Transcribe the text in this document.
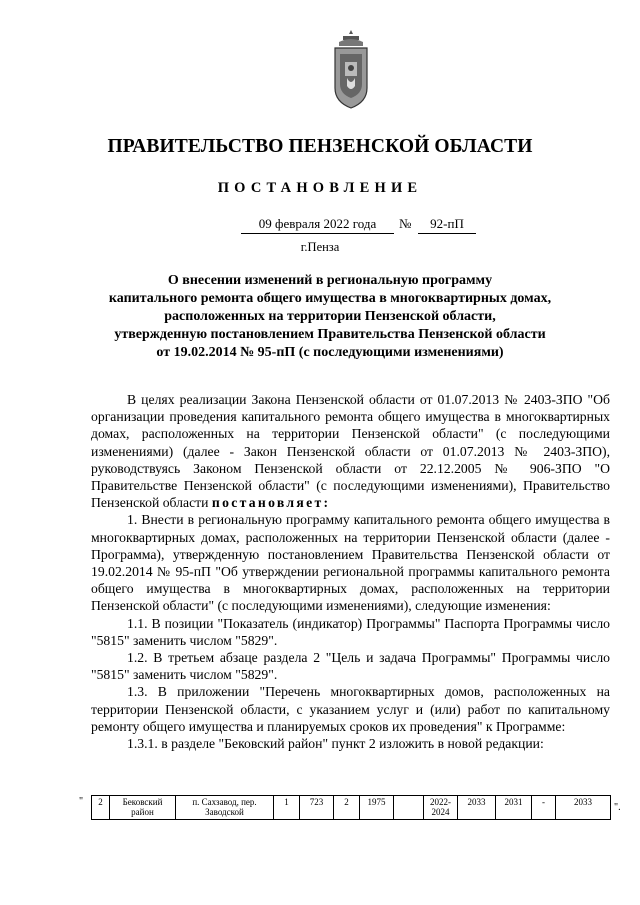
ПРАВИТЕЛЬСТВО ПЕНЗЕНСКОЙ ОБЛАСТИ
ПОСТАНОВЛЕНИЕ
09 февраля 2022 года	№	92-пП
г.Пенза
О внесении изменений в региональную программу
капитального ремонта общего имущества в многоквартирных домах,
расположенных на территории Пензенской области,
утвержденную постановлением Правительства Пензенской области
от 19.02.2014 № 95-пП (с последующими изменениями)

В целях реализации Закона Пензенской области от 01.07.2013 № 2403-ЗПО "Об организации проведения капитального ремонта общего имущества в многоквартирных домах, расположенных на территории Пензенской области" (с последующими изменениями) (далее - Закон Пензенской области от 01.07.2013 № 2403-ЗПО), руководствуясь Законом Пензенской области от 22.12.2005 № 906-ЗПО "О Правительстве Пензенской области" (с последующими изменениями), Правительство Пензенской области постановляет:

1. Внести в региональную программу капитального ремонта общего имущества в многоквартирных домах, расположенных на территории Пензенской области (далее - Программа), утвержденную постановлением Правительства Пензенской области от 19.02.2014 № 95-пП "Об утверждении региональной программы капитального ремонта общего имущества в многоквартирных домах, расположенных на территории Пензенской области" (с последующими изменениями), следующие изменения:

1.1. В позиции "Показатель (индикатор) Программы" Паспорта Программы число "5815" заменить числом "5829".

1.2. В третьем абзаце раздела 2 "Цель и задача Программы" Программы число "5815" заменить числом "5829".

1.3. В приложении "Перечень многоквартирных домов, расположенных на территории Пензенской области, с указанием услуг и (или) работ по капитальному ремонту общего имущества и планируемых сроков их проведения" к Программе:

1.3.1. в разделе "Бековский район" пункт 2 изложить в новой редакции:

" 2	Бековский район	п. Сахзавод, пер. Заводской	1	723	2	1975		2022-2024	2033	2031	-	2033 ".
